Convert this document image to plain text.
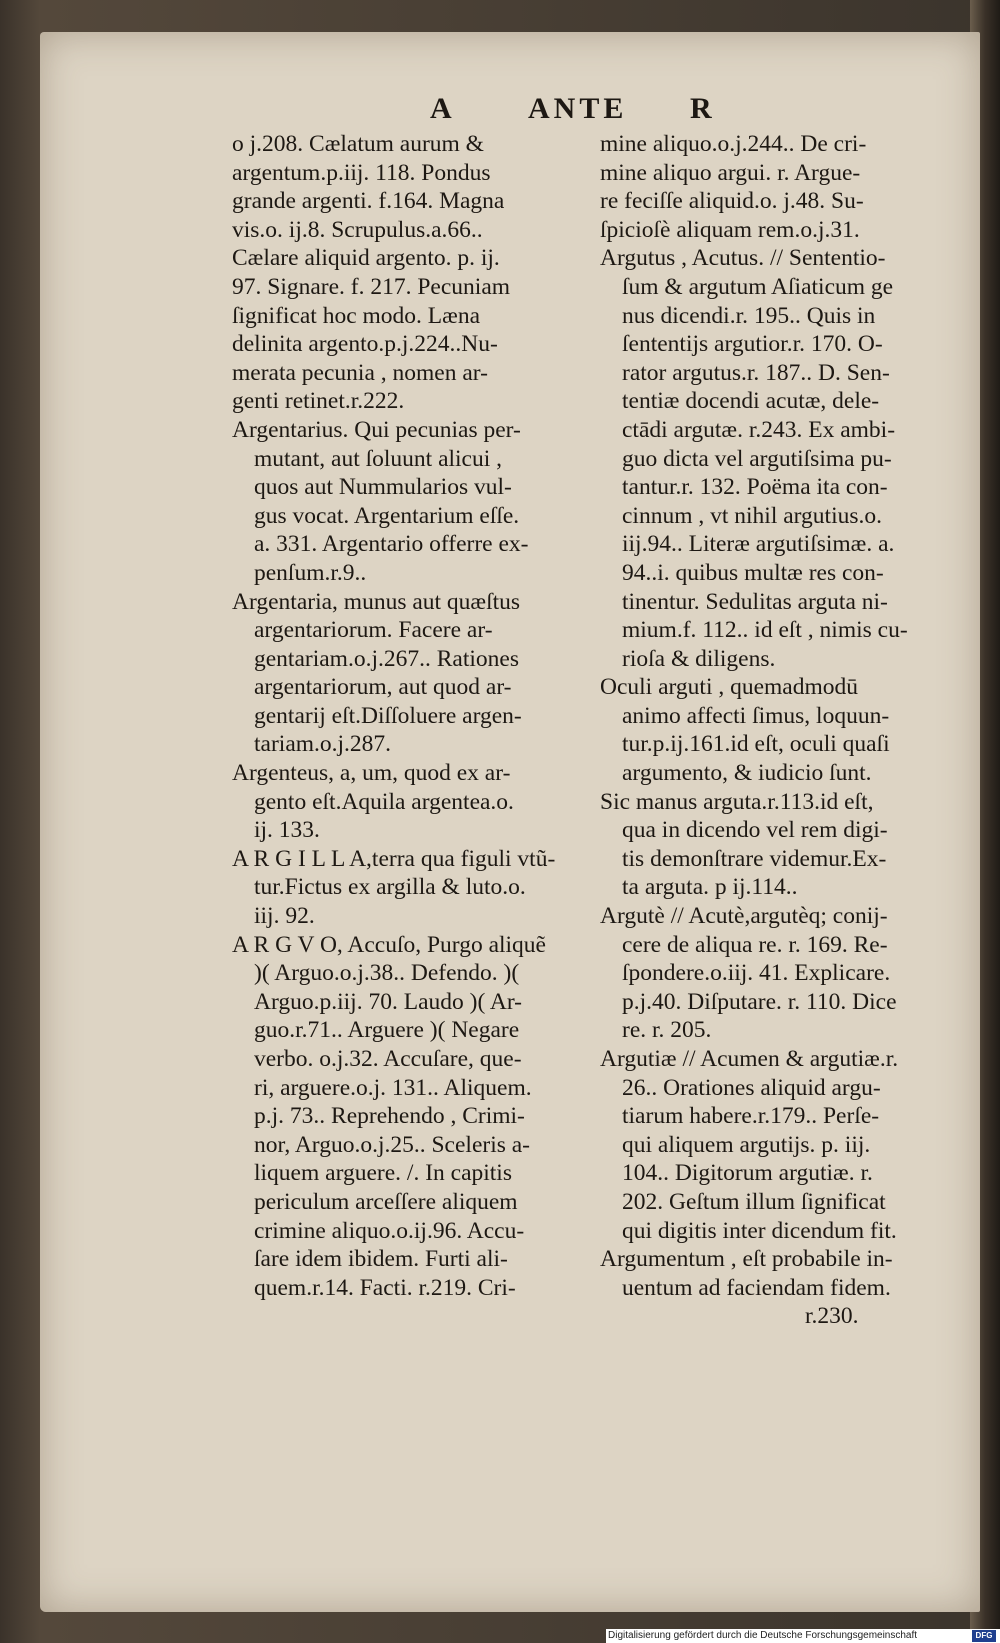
A ANTE R
o j.208. Cælatum aurum &
argentum.p.iij. 118. Pondus
grande argenti. f.164. Magna
vis.o. ij.8. Scrupulus.a.66..
Cælare aliquid argento. p. ij.
97. Signare. f. 217. Pecuniam
ſignificat hoc modo. Læna
delinita argento.p.j.224..Nu-
merata pecunia , nomen ar-
genti retinet.r.222.
Argentarius. Qui pecunias per-
mutant, aut ſoluunt alicui ,
quos aut Nummularios vul-
gus vocat. Argentarium eſſe.
a. 331. Argentario offerre ex-
penſum.r.9..
Argentaria, munus aut quæſtus
argentariorum. Facere ar-
gentariam.o.j.267.. Rationes
argentariorum, aut quod ar-
gentarij eſt.Diſſoluere argen-
tariam.o.j.287.
Argenteus, a, um, quod ex ar-
gento eſt.Aquila argentea.o.
ij. 133.
A R G I L L A,terra qua figuli vtũ-
tur.Fictus ex argilla & luto.o.
iij. 92.
A R G V O, Accuſo, Purgo aliquẽ
)( Arguo.o.j.38.. Defendo. )(
Arguo.p.iij. 70. Laudo )( Ar-
guo.r.71.. Arguere )( Negare
verbo. o.j.32. Accuſare, que-
ri, arguere.o.j. 131.. Aliquem.
p.j. 73.. Reprehendo , Crimi-
nor, Arguo.o.j.25.. Sceleris a-
liquem arguere. /. In capitis
periculum arceſſere aliquem
crimine aliquo.o.ij.96. Accu-
ſare idem ibidem. Furti ali-
quem.r.14. Facti. r.219. Cri-
mine aliquo.o.j.244.. De cri-
mine aliquo argui. r. Argue-
re feciſſe aliquid.o. j.48. Su-
ſpicioſè aliquam rem.o.j.31.
Argutus , Acutus. // Sententio-
ſum & argutum Aſiaticum ge
nus dicendi.r. 195.. Quis in
ſententijs argutior.r. 170. O-
rator argutus.r. 187.. D. Sen-
tentiæ docendi acutæ, dele-
ctādi argutæ. r.243. Ex ambi-
guo dicta vel argutiſsima pu-
tantur.r. 132. Poëma ita con-
cinnum , vt nihil argutius.o.
iij.94.. Literæ argutiſsimæ. a.
94..i. quibus multæ res con-
tinentur. Sedulitas arguta ni-
mium.f. 112.. id eſt , nimis cu-
rioſa & diligens.
Oculi arguti , quemadmodū
animo affecti ſimus, loquun-
tur.p.ij.161.id eſt, oculi quaſi
argumento, & iudicio ſunt.
Sic manus arguta.r.113.id eſt,
qua in dicendo vel rem digi-
tis demonſtrare videmur.Ex-
ta arguta. p ij.114..
Argutè // Acutè,argutèq; conij-
cere de aliqua re. r. 169. Re-
ſpondere.o.iij. 41. Explicare.
p.j.40. Diſputare. r. 110. Dice
re. r. 205.
Argutiæ // Acumen & argutiæ.r.
26.. Orationes aliquid argu-
tiarum habere.r.179.. Perſe-
qui aliquem argutijs. p. iij.
104.. Digitorum argutiæ. r.
202. Geſtum illum ſignificat
qui digitis inter dicendum fit.
Argumentum , eſt probabile in-
uentum ad faciendam fidem.
r.230.
Digitalisierung gefördert durch die Deutsche Forschungsgemeinschaft	DFG
